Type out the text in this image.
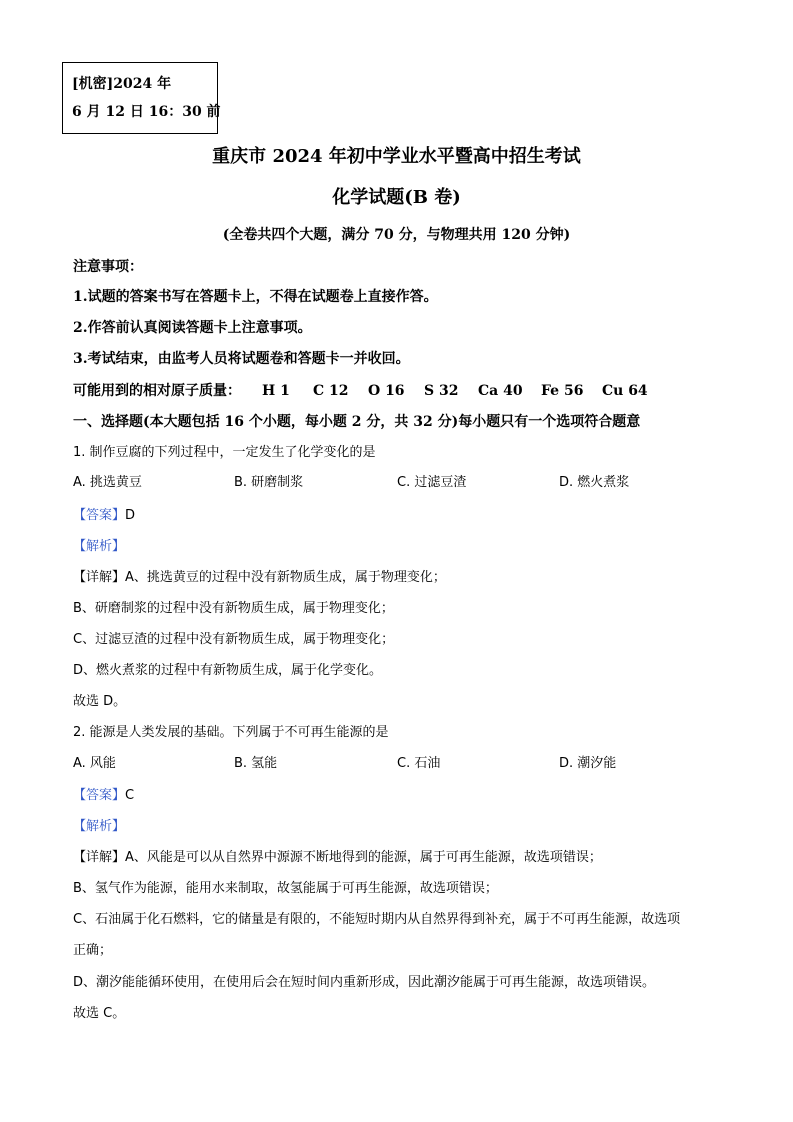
[机密]2024 年
6 月 12 日 16：30 前
重庆市 2024 年初中学业水平暨高中招生考试
化学试题(B 卷)
(全卷共四个大题，满分 70 分，与物理共用 120 分钟)
注意事项：
1.试题的答案书写在答题卡上，不得在试题卷上直接作答。
2.作答前认真阅读答题卡上注意事项。
3.考试结束，由监考人员将试题卷和答题卡一并收回。
可能用到的相对原子质量： H 1 C 12 O 16 S 32 Ca 40 Fe 56 Cu 64
一、选择题(本大题包括 16 个小题，每小题 2 分，共 32 分)每小题只有一个选项符合题意
1. 制作豆腐的下列过程中，一定发生了化学变化的是
A. 挑选黄豆	B. 研磨制浆	C. 过滤豆渣	D. 燃火煮浆
【答案】D
【解析】
【详解】A、挑选黄豆的过程中没有新物质生成，属于物理变化；
B、研磨制浆的过程中没有新物质生成，属于物理变化；
C、过滤豆渣的过程中没有新物质生成，属于物理变化；
D、燃火煮浆的过程中有新物质生成，属于化学变化。
故选 D。
2. 能源是人类发展的基础。下列属于不可再生能源的是
A. 风能	B. 氢能	C. 石油	D. 潮汐能
【答案】C
【解析】
【详解】A、风能是可以从自然界中源源不断地得到的能源，属于可再生能源，故选项错误；
B、氢气作为能源，能用水来制取，故氢能属于可再生能源，故选项错误；
C、石油属于化石燃料，它的储量是有限的，不能短时期内从自然界得到补充，属于不可再生能源，故选项
正确；
D、潮汐能能循环使用，在使用后会在短时间内重新形成，因此潮汐能属于可再生能源，故选项错误。
故选 C。
